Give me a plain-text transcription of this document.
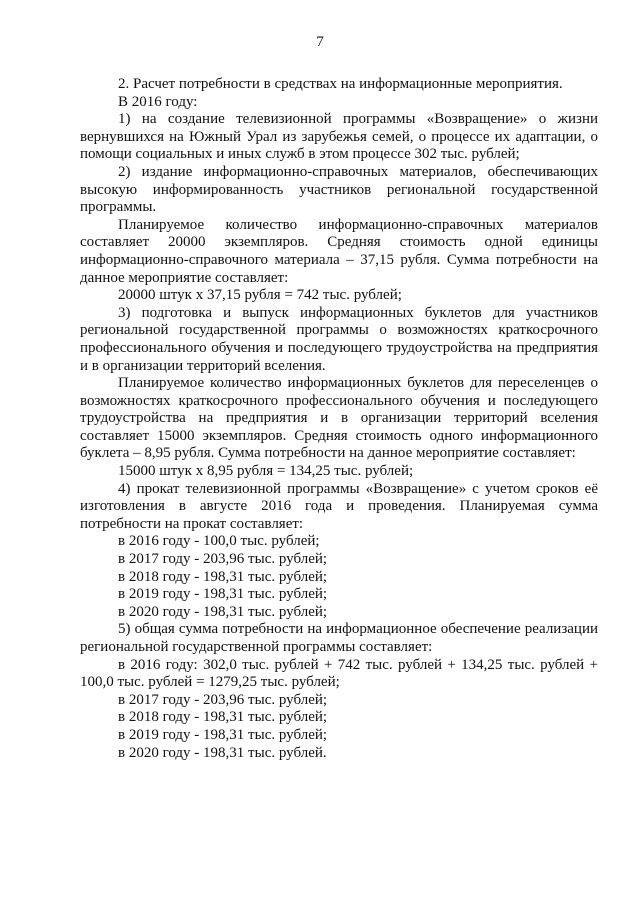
7

2. Расчет потребности в средствах на информационные мероприятия.

В 2016 году:

1) на создание телевизионной программы «Возвращение» о жизни вернувшихся на Южный Урал из зарубежья семей, о процессе их адаптации, о помощи социальных и иных служб в этом процессе 302 тыс. рублей;

2) издание информационно-справочных материалов, обеспечивающих высокую информированность участников региональной государственной программы.

Планируемое количество информационно-справочных материалов составляет 20000 экземпляров. Средняя стоимость одной единицы информационно-справочного материала – 37,15 рубля. Сумма потребности на данное мероприятие составляет:

20000 штук x 37,15 рубля = 742 тыс. рублей;

3) подготовка и выпуск информационных буклетов для участников региональной государственной программы о возможностях краткосрочного профессионального обучения и последующего трудоустройства на предприятия и в организации территорий вселения.

Планируемое количество информационных буклетов для переселенцев о возможностях краткосрочного профессионального обучения и последующего трудоустройства на предприятия и в организации территорий вселения составляет 15000 экземпляров. Средняя стоимость одного информационного буклета – 8,95 рубля. Сумма потребности на данное мероприятие составляет:

15000 штук x 8,95 рубля = 134,25 тыс. рублей;

4) прокат телевизионной программы «Возвращение» с учетом сроков её изготовления в августе 2016 года и проведения. Планируемая сумма потребности на прокат составляет:

в 2016 году - 100,0 тыс. рублей;

в 2017 году - 203,96 тыс. рублей;

в 2018 году - 198,31 тыс. рублей;

в 2019 году - 198,31 тыс. рублей;

в 2020 году - 198,31 тыс. рублей;

5) общая сумма потребности на информационное обеспечение реализации региональной государственной программы составляет:

в 2016 году: 302,0 тыс. рублей + 742 тыс. рублей + 134,25 тыс. рублей + 100,0 тыс. рублей = 1279,25 тыс. рублей;

в 2017 году - 203,96 тыс. рублей;

в 2018 году - 198,31 тыс. рублей;

в 2019 году - 198,31 тыс. рублей;

в 2020 году - 198,31 тыс. рублей.
